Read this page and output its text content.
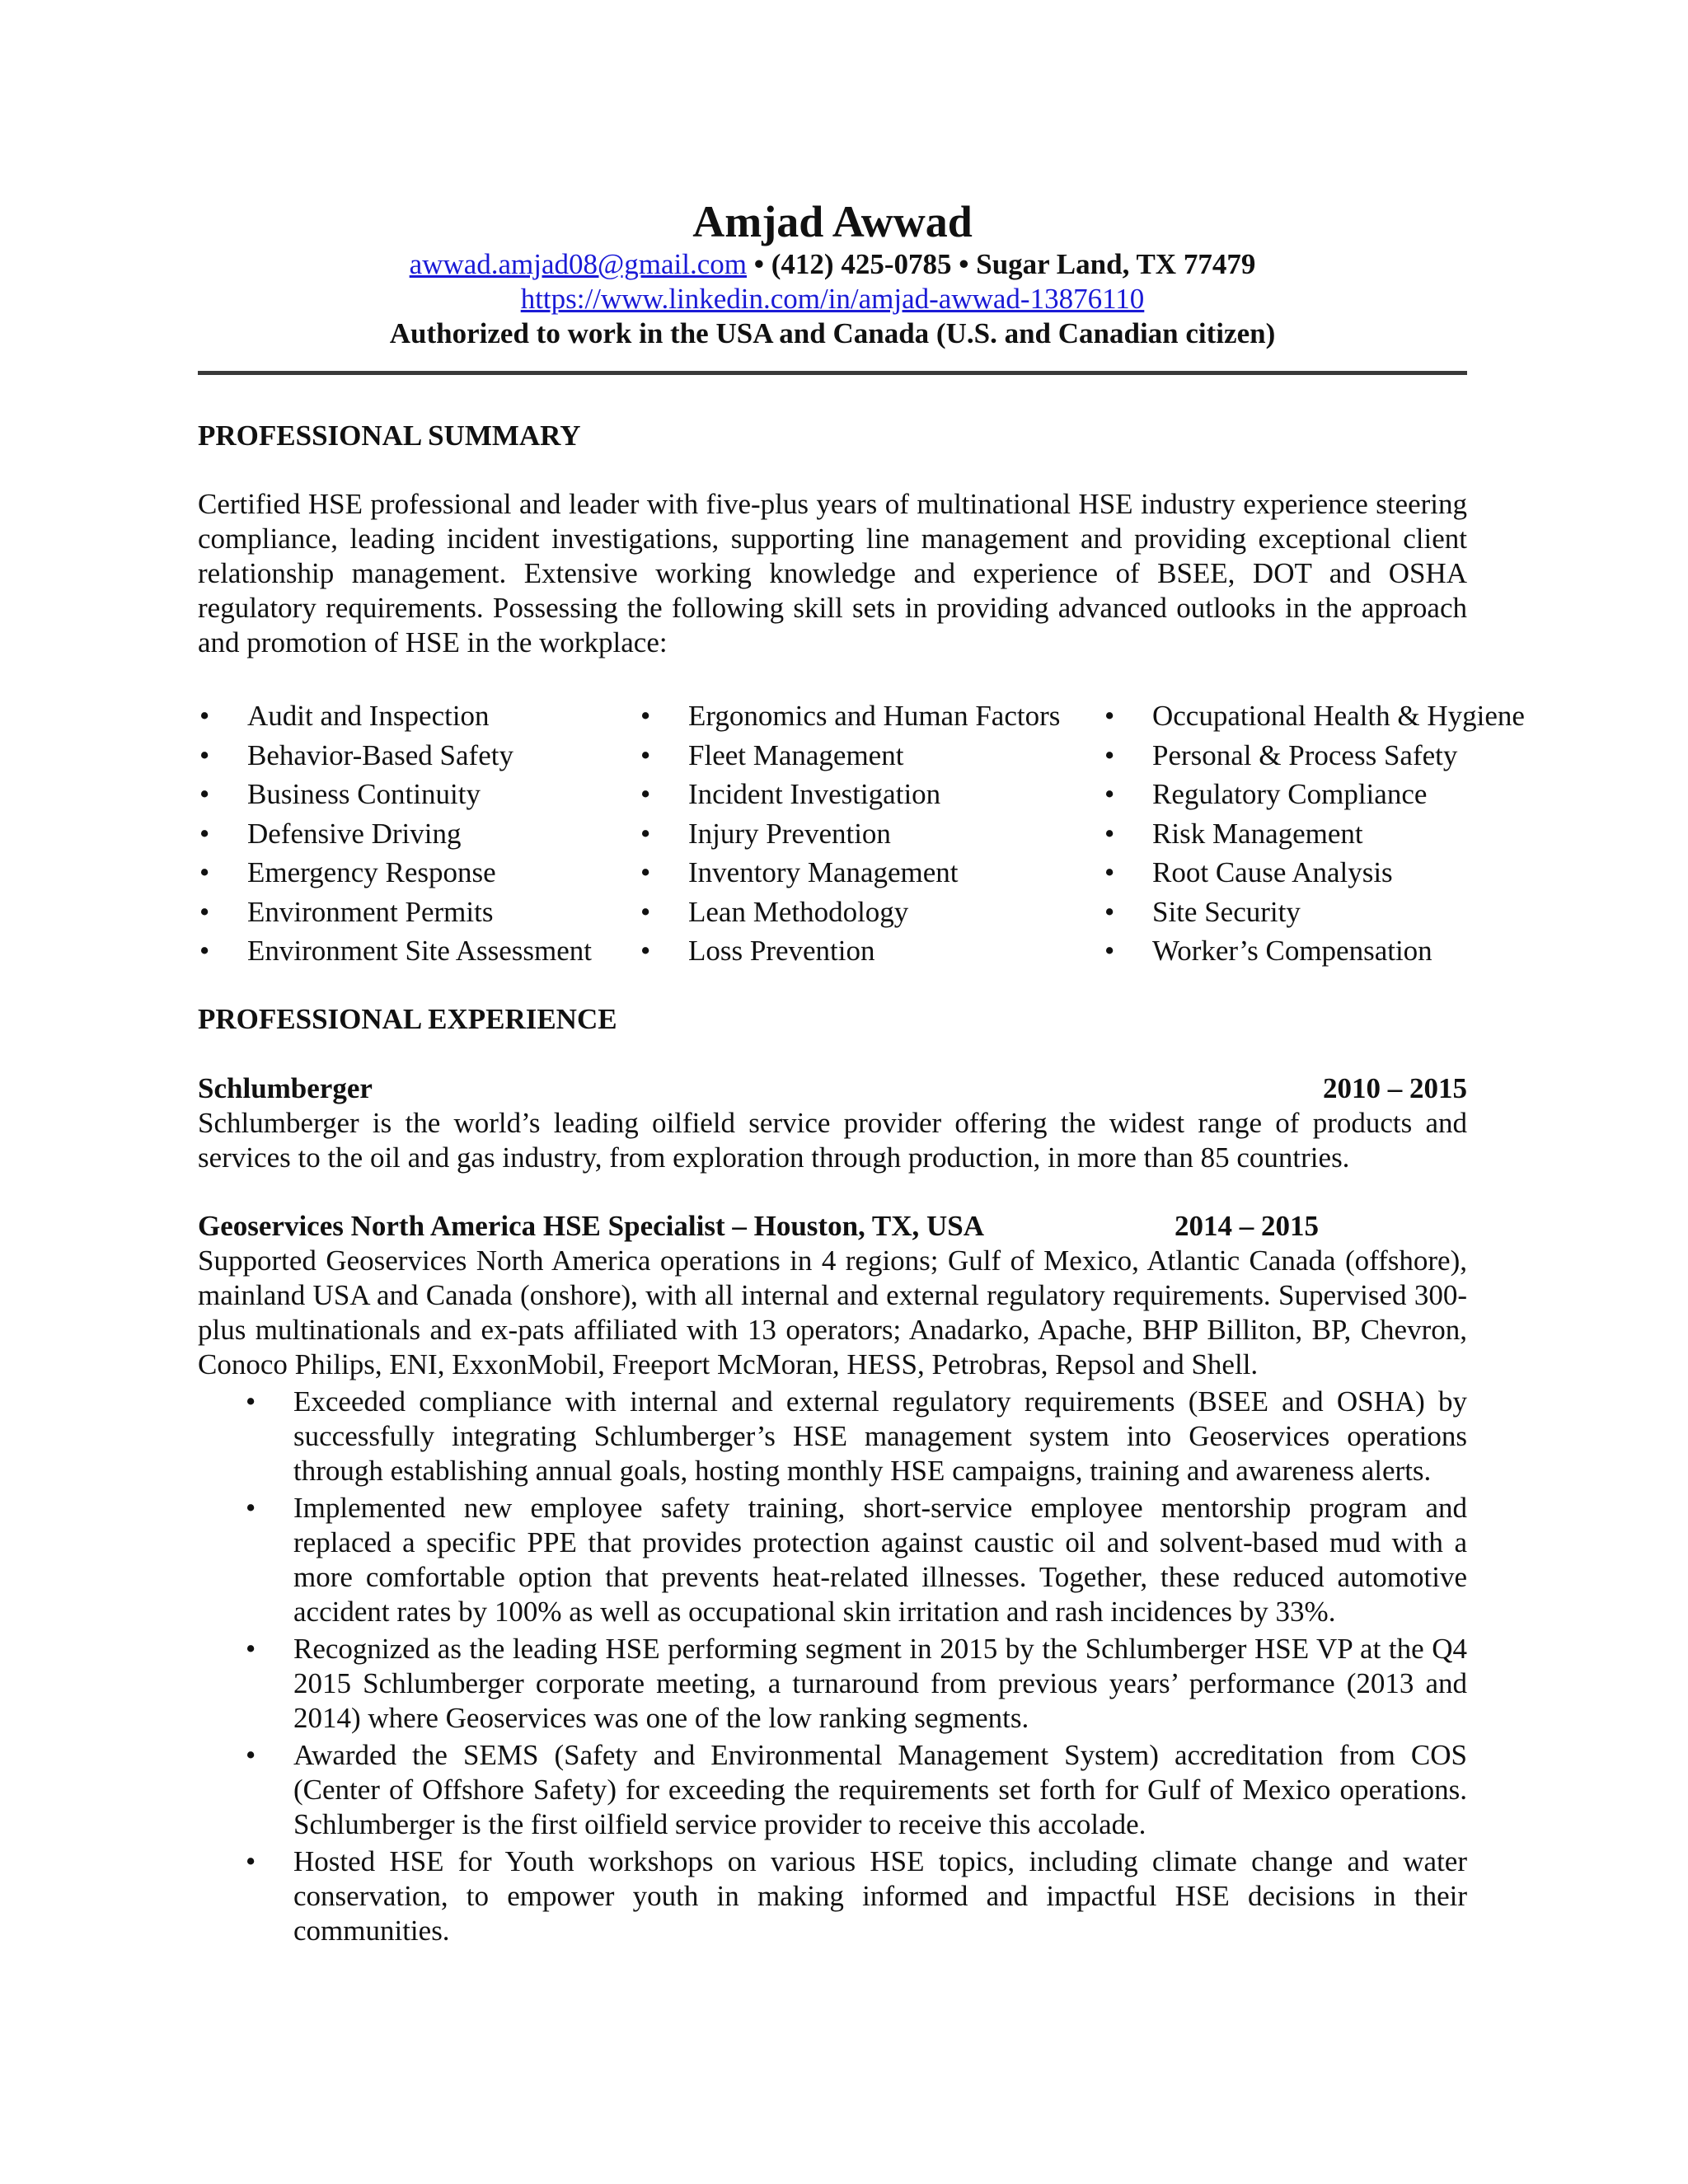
Amjad Awwad
awwad.amjad08@gmail.com • (412) 425-0785 • Sugar Land, TX 77479
https://www.linkedin.com/in/amjad-awwad-13876110
Authorized to work in the USA and Canada (U.S. and Canadian citizen)
PROFESSIONAL SUMMARY

Certified HSE professional and leader with five-plus years of multinational HSE industry experience steering compliance, leading incident investigations, supporting line management and providing exceptional client relationship management. Extensive working knowledge and experience of BSEE, DOT and OSHA regulatory requirements. Possessing the following skill sets in providing advanced outlooks in the approach and promotion of HSE in the workplace:

• Audit and Inspection
• Behavior-Based Safety
• Business Continuity
• Defensive Driving
• Emergency Response
• Environment Permits
• Environment Site Assessment
• Ergonomics and Human Factors
• Fleet Management
• Incident Investigation
• Injury Prevention
• Inventory Management
• Lean Methodology
• Loss Prevention
• Occupational Health & Hygiene
• Personal & Process Safety
• Regulatory Compliance
• Risk Management
• Root Cause Analysis
• Site Security
• Worker’s Compensation
PROFESSIONAL EXPERIENCE
Schlumberger	2010 – 2015

Schlumberger is the world’s leading oilfield service provider offering the widest range of products and services to the oil and gas industry, from exploration through production, in more than 85 countries.

Geoservices North America HSE Specialist – Houston, TX, USA	2014 – 2015

Supported Geoservices North America operations in 4 regions; Gulf of Mexico, Atlantic Canada (offshore), mainland USA and Canada (onshore), with all internal and external regulatory requirements. Supervised 300-plus multinationals and ex-pats affiliated with 13 operators; Anadarko, Apache, BHP Billiton, BP, Chevron, Conoco Philips, ENI, ExxonMobil, Freeport McMoran, HESS, Petrobras, Repsol and Shell.

• Exceeded compliance with internal and external regulatory requirements (BSEE and OSHA) by successfully integrating Schlumberger’s HSE management system into Geoservices operations through establishing annual goals, hosting monthly HSE campaigns, training and awareness alerts.
• Implemented new employee safety training, short-service employee mentorship program and replaced a specific PPE that provides protection against caustic oil and solvent-based mud with a more comfortable option that prevents heat-related illnesses. Together, these reduced automotive accident rates by 100% as well as occupational skin irritation and rash incidences by 33%.
• Recognized as the leading HSE performing segment in 2015 by the Schlumberger HSE VP at the Q4 2015 Schlumberger corporate meeting, a turnaround from previous years’ performance (2013 and 2014) where Geoservices was one of the low ranking segments.
• Awarded the SEMS (Safety and Environmental Management System) accreditation from COS (Center of Offshore Safety) for exceeding the requirements set forth for Gulf of Mexico operations. Schlumberger is the first oilfield service provider to receive this accolade.
• Hosted HSE for Youth workshops on various HSE topics, including climate change and water conservation, to empower youth in making informed and impactful HSE decisions in their communities.
